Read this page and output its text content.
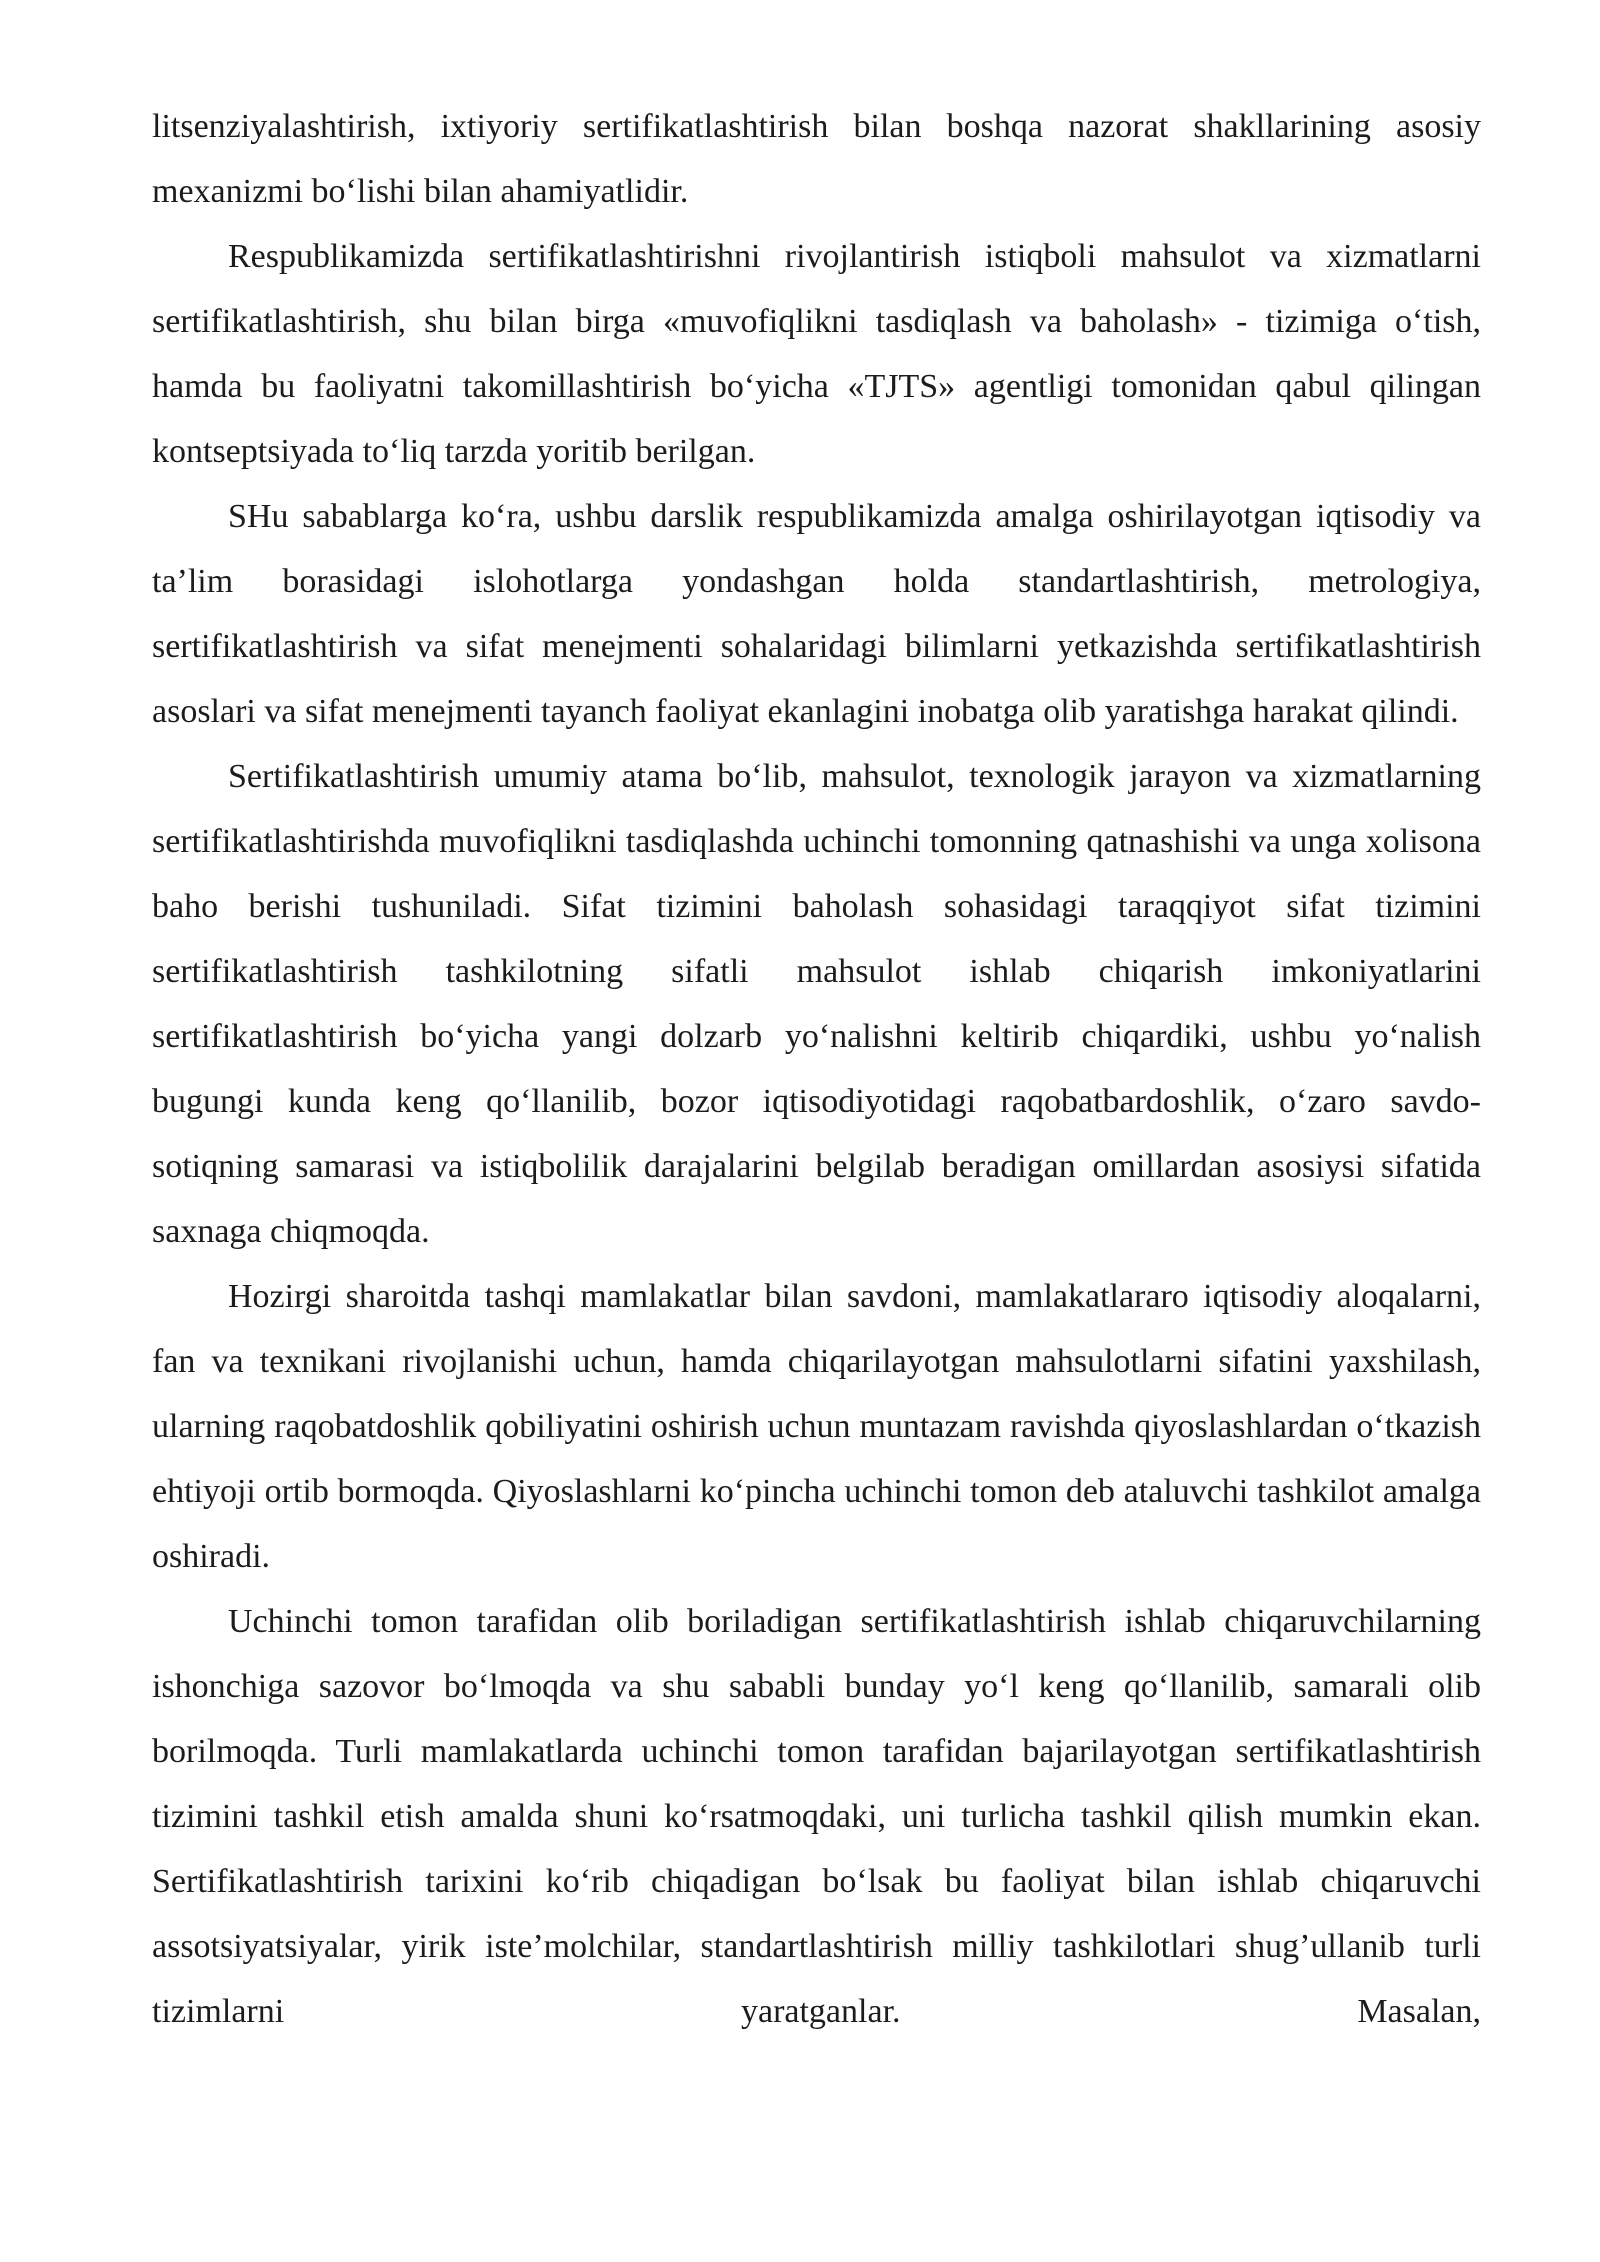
litsenziyalashtirish, ixtiyoriy sertifikatlashtirish bilan boshqa nazorat shakllarining asosiy mexanizmi bo‘lishi bilan ahamiyatlidir.

Respublikamizda sertifikatlashtirishni rivojlantirish istiqboli mahsulot va xizmatlarni sertifikatlashtirish, shu bilan birga «muvofiqlikni tasdiqlash va baholash» - tizimiga o‘tish, hamda bu faoliyatni takomillashtirish bo‘yicha «TJTS» agentligi tomonidan qabul qilingan kontseptsiyada to‘liq tarzda yoritib berilgan.

SHu sabablarga ko‘ra, ushbu darslik respublikamizda amalga oshirilayotgan iqtisodiy va ta’lim borasidagi islohotlarga yondashgan holda standartlashtirish, metrologiya, sertifikatlashtirish va sifat menejmenti sohalaridagi bilimlarni yetkazishda sertifikatlashtirish asoslari va sifat menejmenti tayanch faoliyat ekanlagini inobatga olib yaratishga harakat qilindi.

Sertifikatlashtirish umumiy atama bo‘lib, mahsulot, texnologik jarayon va xizmatlarning sertifikatlashtirishda muvofiqlikni tasdiqlashda uchinchi tomonning qatnashishi va unga xolisona baho berishi tushuniladi. Sifat tizimini baholash sohasidagi taraqqiyot sifat tizimini sertifikatlashtirish tashkilotning sifatli mahsulot ishlab chiqarish imkoniyatlarini sertifikatlashtirish bo‘yicha yangi dolzarb yo‘nalishni keltirib chiqardiki, ushbu yo‘nalish bugungi kunda keng qo‘llanilib, bozor iqtisodiyotidagi raqobatbardoshlik, o‘zaro savdo- sotiqning samarasi va istiqbolilik darajalarini belgilab beradigan omillardan asosiysi sifatida saxnaga chiqmoqda.

Hozirgi sharoitda tashqi mamlakatlar bilan savdoni, mamlakatlararo iqtisodiy aloqalarni, fan va texnikani rivojlanishi uchun, hamda chiqarilayotgan mahsulotlarni sifatini yaxshilash, ularning raqobatdoshlik qobiliyatini oshirish uchun muntazam ravishda qiyoslashlardan o‘tkazish ehtiyoji ortib bormoqda. Qiyoslashlarni ko‘pincha uchinchi tomon deb ataluvchi tashkilot amalga oshiradi.

Uchinchi tomon tarafidan olib boriladigan sertifikatlashtirish ishlab chiqaruvchilarning ishonchiga sazovor bo‘lmoqda va shu sababli bunday yo‘l keng qo‘llanilib, samarali olib borilmoqda. Turli mamlakatlarda uchinchi tomon tarafidan bajarilayotgan sertifikatlashtirish tizimini tashkil etish amalda shuni ko‘rsatmoqdaki, uni turlicha tashkil qilish mumkin ekan. Sertifikatlashtirish tarixini ko‘rib chiqadigan bo‘lsak bu faoliyat bilan ishlab chiqaruvchi assotsiyatsiyalar, yirik iste’molchilar, standartlashtirish milliy tashkilotlari shug’ullanib turli tizimlarni yaratganlar. Masalan,
